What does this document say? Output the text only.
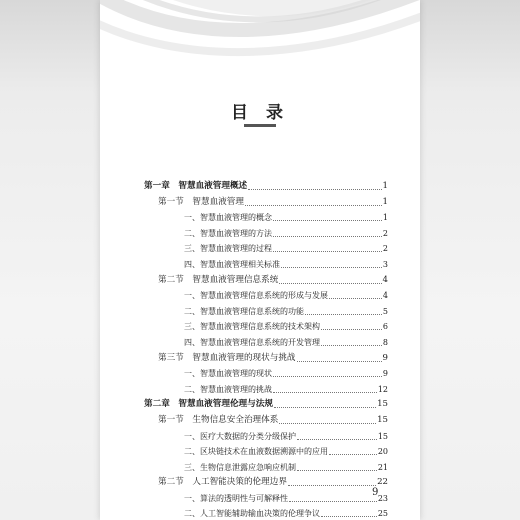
目 录
第一章　智慧血液管理概述	1
第一节　智慧血液管理	1
一、智慧血液管理的概念	1
二、智慧血液管理的方法	2
三、智慧血液管理的过程	2
四、智慧血液管理相关标准	3
第二节　智慧血液管理信息系统	4
一、智慧血液管理信息系统的形成与发展	4
二、智慧血液管理信息系统的功能	5
三、智慧血液管理信息系统的技术架构	6
四、智慧血液管理信息系统的开发管理	8
第三节　智慧血液管理的现状与挑战	9
一、智慧血液管理的现状	9
二、智慧血液管理的挑战	12
第二章　智慧血液管理伦理与法规	15
第一节　生物信息安全治理体系	15
一、医疗大数据的分类分级保护	15
二、区块链技术在血液数据溯源中的应用	20
三、生物信息泄露应急响应机制	21
第二节　人工智能决策的伦理边界	22
一、算法的透明性与可解释性	23
二、人工智能辅助输血决策的伦理争议	25
9
